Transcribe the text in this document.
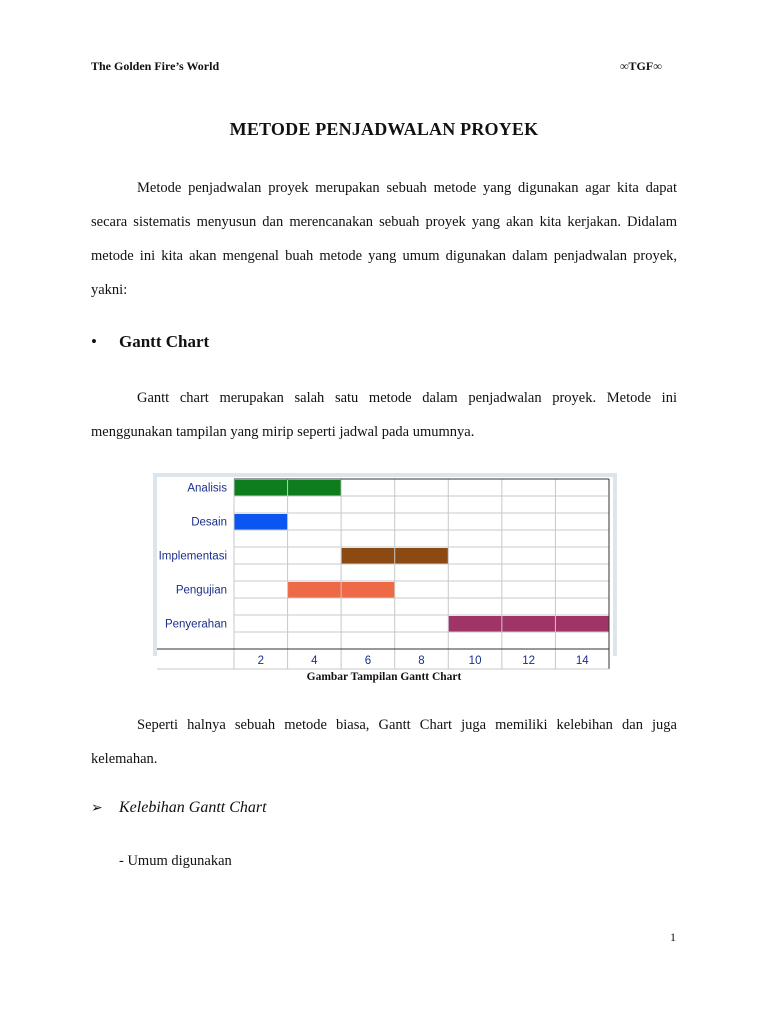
The Golden Fire’s World	∞TGF∞
METODE PENJADWALAN PROYEK

Metode penjadwalan proyek merupakan sebuah metode yang digunakan agar kita dapat secara sistematis menyusun dan merencanakan sebuah proyek yang akan kita kerjakan. Didalam metode ini kita akan mengenal buah metode yang umum digunakan dalam penjadwalan proyek, yakni:

• Gantt Chart

Gantt chart merupakan salah satu metode dalam penjadwalan proyek. Metode ini menggunakan tampilan yang mirip seperti jadwal pada umumnya.

Analisis
Desain
Implementasi
Pengujian
Penyerahan
2	4	6	8	10	12	14
Gambar Tampilan Gantt Chart

Seperti halnya sebuah metode biasa, Gantt Chart juga memiliki kelebihan dan juga kelemahan.

➢ Kelebihan Gantt Chart
- Umum digunakan
1
